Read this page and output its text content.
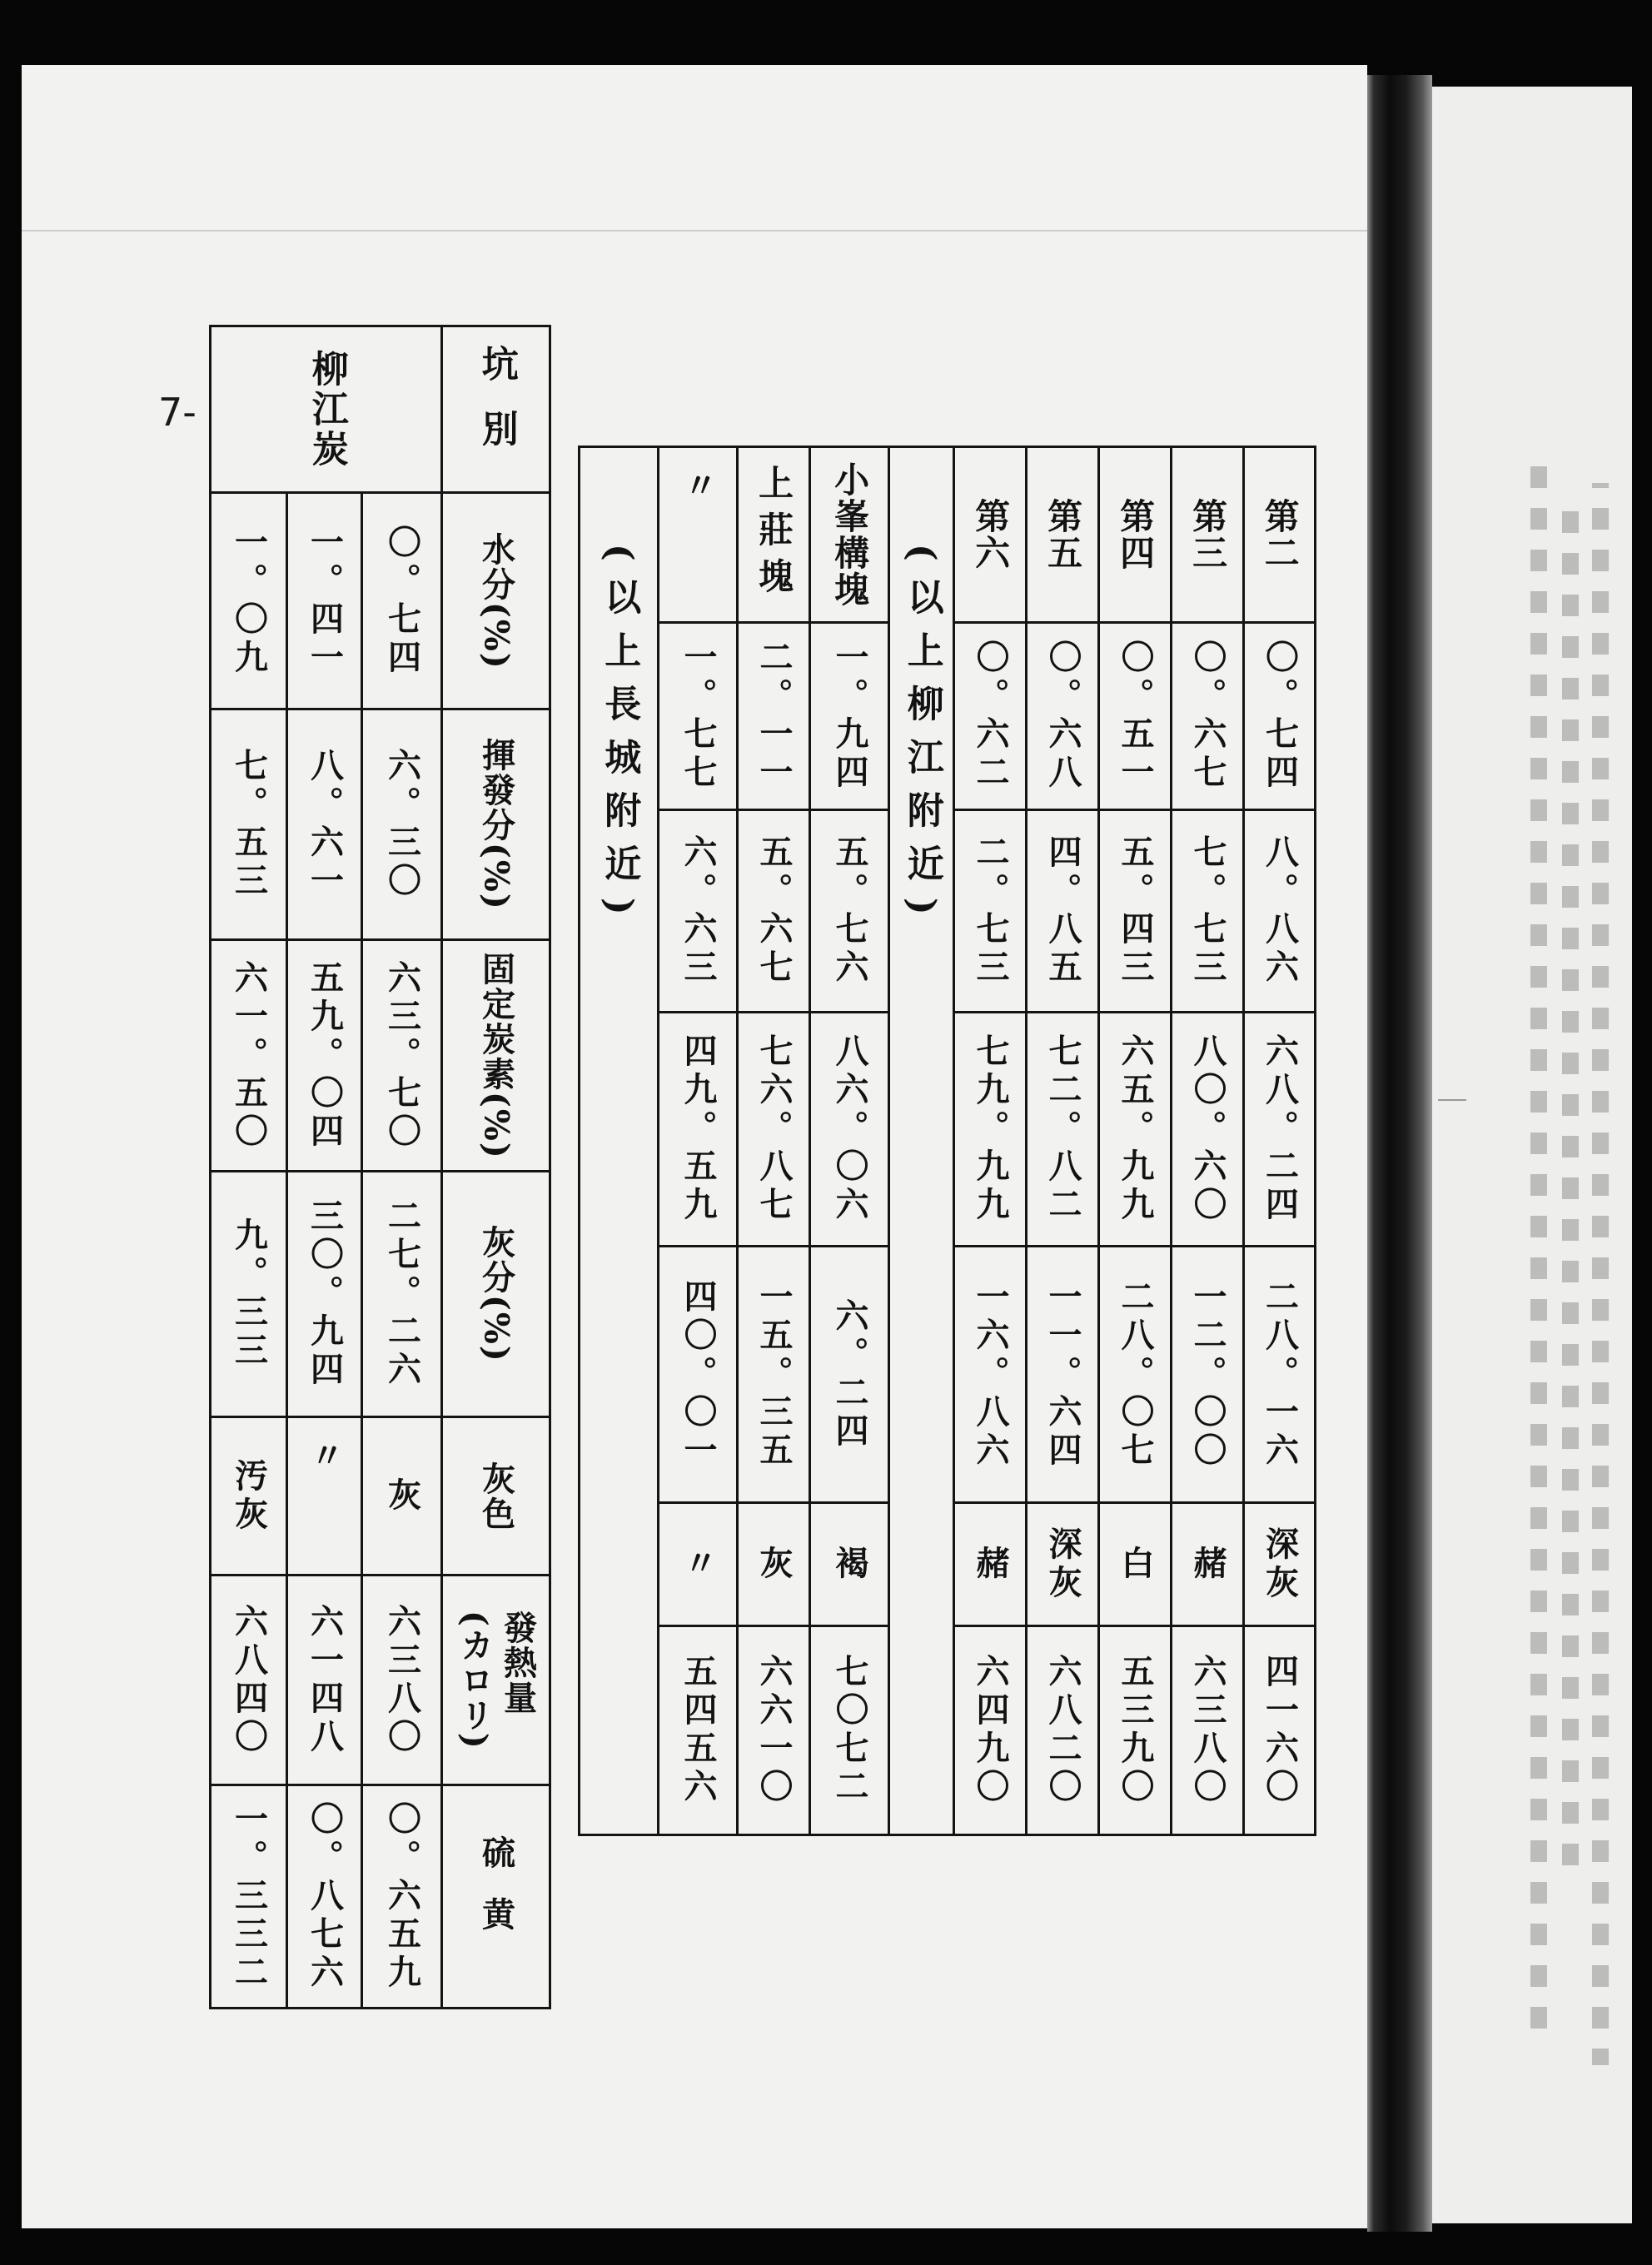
7-	柳江炭	坑別
水分(%)
揮發分(%)
固定炭素(%)
灰分(%)
灰色
發熱量
(カロリ)
硫黄
〇。七四
六。三〇
六三。七〇
二七。二六
灰
六三八〇
〇。六五九
一。四一
八。六一
五九。〇四
三〇。九四
〃
六一四八
〇。八七六
一。〇九
七。五三
六一。五〇
九。三三
汚灰
六八四〇
一。三三二
(以上柳江附近)
(以上長城附近)
第二
第三
第四
第五
第六
小峯構塊
上莊塊
〃
〇。七四
八。八六
六八。二四
二八。一六
深灰
四一六〇
〇。六七
七。七三
八〇。六〇
一二。〇〇
赭
六三八〇
〇。五一
五。四三
六五。九九
二八。〇七
白
五三九〇
〇。六八
四。八五
七二。八二
一一。六四
深灰
六八二〇
〇。六二
二。七三
七九。九九
一六。八六
赭
六四九〇
一。九四
五。七六
八六。〇六
六。二四
褐
七〇七二
二。一一
五。六七
七六。八七
一五。三五
灰
六六一〇
一。七七
六。六三
四九。五九
四〇。〇一
〃
五四五六
